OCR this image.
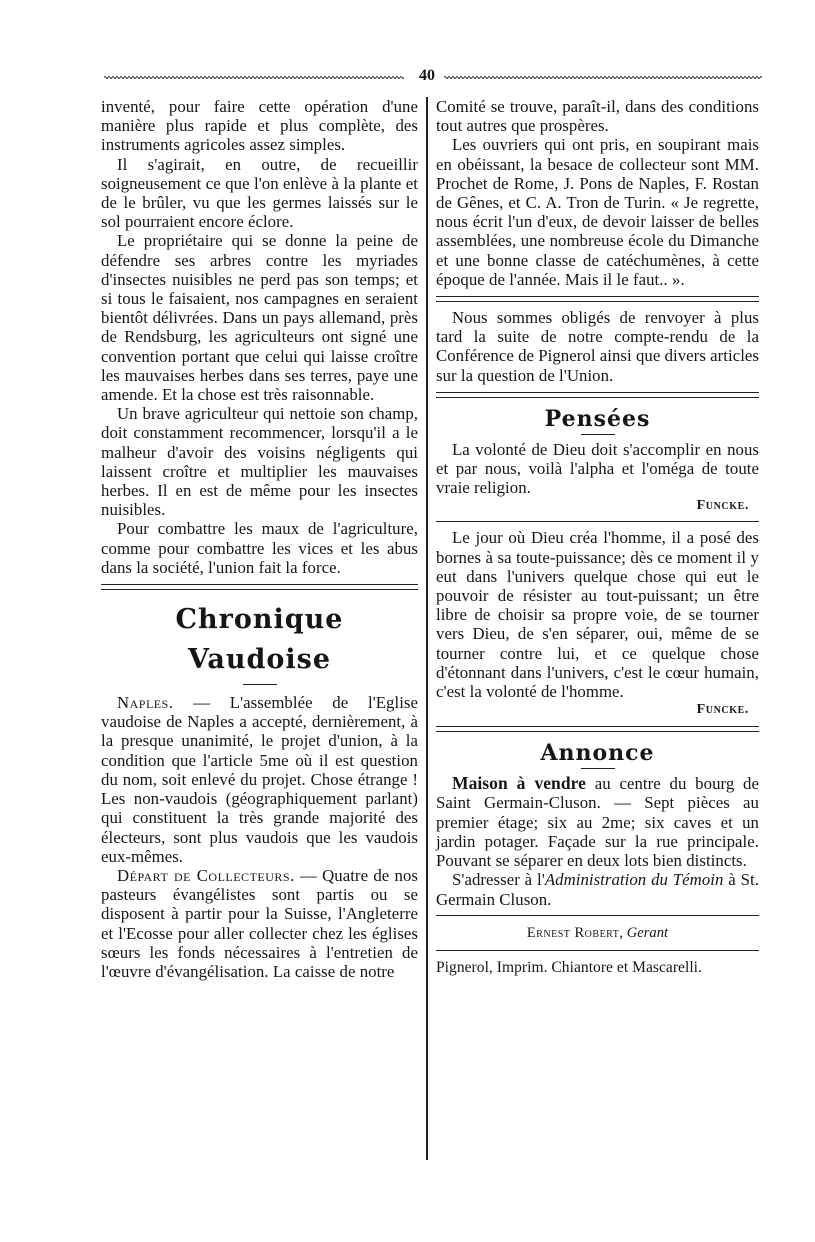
40

inventé, pour faire cette opération d'une manière plus rapide et plus complète, des instruments agricoles assez simples.

Il s'agirait, en outre, de recueillir soigneusement ce que l'on enlève à la plante et de le brûler, vu que les germes laissés sur le sol pourraient encore éclore.

Le propriétaire qui se donne la peine de défendre ses arbres contre les myriades d'insectes nuisibles ne perd pas son temps; et si tous le faisaient, nos campagnes en seraient bientôt délivrées. Dans un pays allemand, près de Rendsburg, les agriculteurs ont signé une convention portant que celui qui laisse croître les mauvaises herbes dans ses terres, paye une amende. Et la chose est très raisonnable.

Un brave agriculteur qui nettoie son champ, doit constamment recommencer, lorsqu'il a le malheur d'avoir des voisins négligents qui laissent croître et multiplier les mauvaises herbes. Il en est de même pour les insectes nuisibles.

Pour combattre les maux de l'agriculture, comme pour combattre les vices et les abus dans la société, l'union fait la force.

Chronique Vaudoise

Naples. — L'assemblée de l'Eglise vaudoise de Naples a accepté, dernièrement, à la presque unanimité, le projet d'union, à la condition que l'article 5me où il est question du nom, soit enlevé du projet. Chose étrange ! Les non-vaudois (géographiquement parlant) qui constituent la très grande majorité des électeurs, sont plus vaudois que les vaudois eux-mêmes.

Départ de Collecteurs. — Quatre de nos pasteurs évangélistes sont partis ou se disposent à partir pour la Suisse, l'Angleterre et l'Ecosse pour aller collecter chez les églises sœurs les fonds nécessaires à l'entretien de l'œuvre d'évangélisation. La caisse de notre

Comité se trouve, paraît-il, dans des conditions tout autres que prospères.

Les ouvriers qui ont pris, en soupirant mais en obéissant, la besace de collecteur sont MM. Prochet de Rome, J. Pons de Naples, F. Rostan de Gênes, et C. A. Tron de Turin. « Je regrette, nous écrit l'un d'eux, de devoir laisser de belles assemblées, une nombreuse école du Dimanche et une bonne classe de catéchumènes, à cette époque de l'année. Mais il le faut.. ».

Nous sommes obligés de renvoyer à plus tard la suite de notre compte-rendu de la Conférence de Pignerol ainsi que divers articles sur la question de l'Union.

Pensées

La volonté de Dieu doit s'accomplir en nous et par nous, voilà l'alpha et l'oméga de toute vraie religion.

Funcke.

Le jour où Dieu créa l'homme, il a posé des bornes à sa toute-puissance; dès ce moment il y eut dans l'univers quelque chose qui eut le pouvoir de résister au tout-puissant; un être libre de choisir sa propre voie, de se tourner vers Dieu, de s'en séparer, oui, même de se tourner contre lui, et ce quelque chose d'étonnant dans l'univers, c'est le cœur humain, c'est la volonté de l'homme.

Funcke.
Annonce

Maison à vendre au centre du bourg de Saint Germain-Cluson. — Sept pièces au premier étage; six au 2me; six caves et un jardin potager. Façade sur la rue principale. Pouvant se séparer en deux lots bien distincts.

S'adresser à l'Administration du Témoin à St. Germain Cluson.

Ernest Robert, Gerant
Pignerol, Imprim. Chiantore et Mascarelli.
